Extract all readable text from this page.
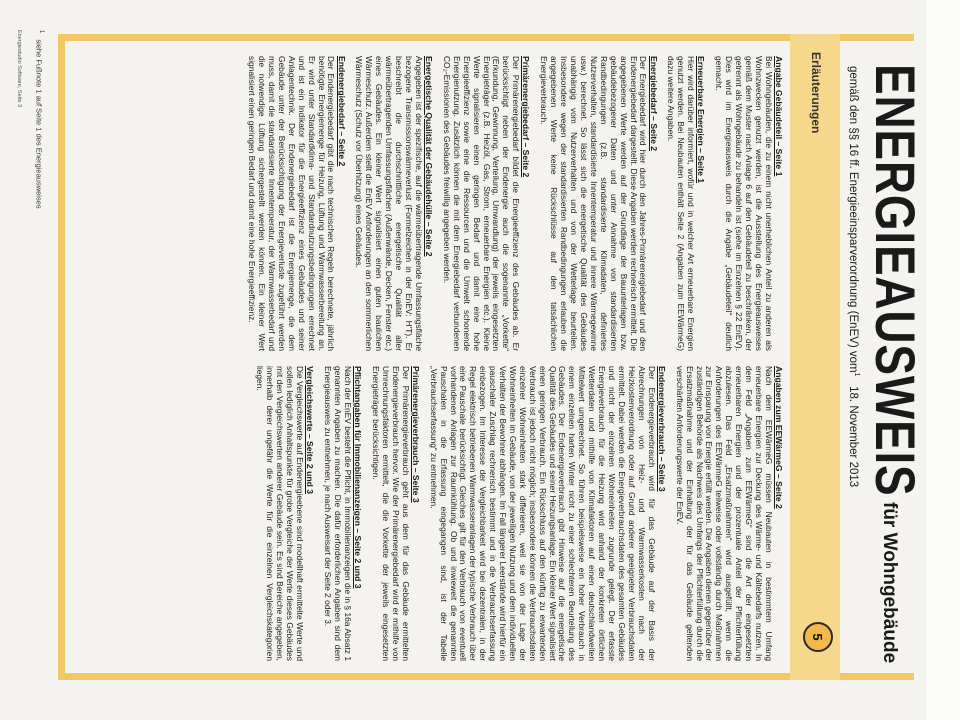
ENERGIEAUSWEIS
für Wohngebäude
gemäß den §§ 16 ff. Energieeinsparverordnung (EnEV) vom$^1$   18. November 2013
Erläuterungen
5
Angabe Gebäudeteil – Seite 1

Bei Wohngebäuden, die zu einem nicht unerheblichen Anteil zu anderen als Wohnzwecken genutzt werden, ist die Ausstellung des Energieausweises gemäß dem Muster nach Anlage 6 auf den Gebäudeteil zu beschränken, der getrennt als Wohngebäude zu behandeln ist (siehe im Einzelnen § 22 EnEV). Dies wird im Energieausweis durch die Angabe „Gebäudeteil“ deutlich gemacht.

Erneuerbare Energien – Seite 1

Hier wird darüber informiert, wofür und in welcher Art erneuerbare Energien genutzt werden. Bei Neubauten enthält Seite 2 (Angaben zum EEWärmeG) dazu weitere Angaben.

Energiebedarf – Seite 2

Der Energiebedarf wird hier durch den Jahres-Primärenergiebedarf und den Endenergiebedarf dargestellt. Diese Angaben werden rechnerisch ermittelt. Die angegebenen Werte werden auf der Grundlage der Bauunterlagen bzw. gebäudebezogener Daten und unter Annahme von standardisierten Randbedingungen (z.B. standardisierte Klimadaten, definiertes Nutzerverhalten, standardisierte Innentemperatur und innere Wärmegewinne usw.) berechnet. So lässt sich die energetische Qualität des Gebäudes unabhängig vom Nutzerverhalten und von der Wetterlage beurteilen. Insbesondere wegen der standardisierten Randbedingungen erlauben die angegebenen Werte keine Rückschlüsse auf den tatsächlichen Energieverbrauch.

Primärenergiebedarf – Seite 2

Der Primärenergiebedarf bildet die Energieeffizienz des Gebäudes ab. Er berücksichtigt neben der Endenergie auch die sogenannte „Vorkette“ (Erkundung, Gewinnung, Verteilung, Umwandlung) der jeweils eingesetzten Energieträger (z.B. Heizöl, Gas, Strom, erneuerbare Energien etc.). Kleine Werte signalisieren einen geringen Bedarf und damit eine hohe Energieeffizienz sowie eine die Ressourcen und die Umwelt schonende Energienutzung. Zusätzlich können die mit dem Energiebedarf verbundenen CO₂-Emissionen des Gebäudes freiwillig angegeben werden.

Energetische Qualität der Gebäudehülle – Seite 2

Angegeben ist der spezifische, auf die wärmeübertragende Umfassungsfläche bezogene Transmissionswärmeverlust (Formelzeichen in der EnEV: H'T). Er beschreibt die durchschnittliche energetische Qualität aller wärmeübertragenden Umfassungsflächen (Außenwände, Decken, Fenster etc.) eines Gebäudes. Ein kleiner Wert signalisiert einen guten baulichen Wärmeschutz. Außerdem stellt die EnEV Anforderungen an den sommerlichen Wärmeschutz (Schutz vor Überhitzung) eines Gebäudes.

Endenergiebedarf – Seite 2

Der Endenergiebedarf gibt die nach technischen Regeln berechnete, jährlich benötigte Energiemenge für Heizung, Lüftung und Warmwasserbereitung an. Er wird unter Standardklima- und Standardnutzungsbedingungen errechnet und ist ein Indikator für die Energieeffizienz eines Gebäudes und seiner Anlagentechnik. Der Endenergiebedarf ist die Energiemenge, die dem Gebäude unter der Berücksichtigung der Energieverluste zugeführt werden muss, damit die standardisierte Innentemperatur, der Warmwasserbedarf und die notwendige Lüftung sichergestellt werden können. Ein kleiner Wert signalisiert einen geringen Bedarf und damit eine hohe Energieeffizienz.

Angaben zum EEWärmeG – Seite 2

Nach dem EEWärmeG müssen Neubauten in bestimmtem Umfang erneuerbare Energien zur Deckung des Wärme- und Kältebedarfs nutzen. In dem Feld „Angaben zum EEWärmeG“ sind die Art der eingesetzten erneuerbaren Energien und der prozentuale Anteil der Pflichterfüllung abzulesen. Das Feld „Ersatzmaßnahmen“ wird ausgefüllt, wenn die Anforderungen des EEWärmeG teilweise oder vollständig durch Maßnahmen zur Einsparung von Energie erfüllt werden. Die Angaben dienen gegenüber der zuständigen Behörde als Nachweis des Umfangs der Pflichterfüllung durch die Ersatzmaßnahme und der Einhaltung der für das Gebäude geltenden verschärften Anforderungswerte der EnEV.

Endenergieverbrauch – Seite 3

Der Endenergieverbrauch wird für das Gebäude auf der Basis der Abrechnungen von Heiz- und Warmwasserkosten nach der Heizkostenverordnung oder auf Grund anderer geeigneter Verbrauchsdaten ermittelt. Dabei werden die Energieverbrauchsdaten des gesamten Gebäudes und nicht der einzelnen Wohneinheiten zugrunde gelegt. Der erfasste Energieverbrauch für die Heizung wird anhand der konkreten örtlichen Wetterdaten und mithilfe von Klimafaktoren auf einen deutschlandweiten Mittelwert umgerechnet. So führen beispielsweise ein hoher Verbrauch in einem einzelnen harten Winter nicht zu einer schlechteren Beurteilung des Gebäudes. Der Endenergieverbrauch gibt Hinweise auf die energetische Qualität des Gebäudes und seiner Heizungsanlage. Ein kleiner Wert signalisiert einen geringen Verbrauch. Ein Rückschluss auf den künftig zu erwartenden Verbrauch ist jedoch nicht möglich; insbesondere können die Verbrauchsdaten einzelner Wohneinheiten stark differieren, weil sie von der Lage der Wohneinheiten im Gebäude, von der jeweiligen Nutzung und dem individuellen Verhalten der Bewohner abhängen. Im Fall längerer Leerstände wird hierfür ein pauschaler Zuschlag rechnerisch bestimmt und in die Verbrauchserfassung einbezogen. Im Interesse der Vergleichbarkeit wird bei dezentralen, in der Regel elektrisch betriebenen Warmwasseranlagen der typische Verbrauch über eine Pauschale berücksichtigt. Gleiches gilt für den Verbrauch von eventuell vorhandenen Anlagen zur Raumkühlung. Ob und inwieweit die genannten Pauschalen in die Erfassung eingegangen sind, ist der Tabelle „Verbrauchserfassung“ zu entnehmen.

Primärenergieverbrauch – Seite 3

Der Primärenergieverbrauch geht aus dem für das Gebäude ermittelten Endenergieverbrauch hervor. Wie der Primärenergiebedarf wird er mithilfe von Umrechnungsfaktoren ermittelt, die die Vorkette der jeweils eingesetzten Energieträger berücksichtigen.

Pflichtangaben für Immobilienanzeigen – Seite 2 und 3

Nach der EnEV besteht die Pflicht, in Immobilienanzeigen die in § 16a Absatz 1 genannten Angaben zu machen. Die dafür erforderlichen Angaben sind dem Energieausweis zu entnehmen, je nach Ausweisart der Seite 2 oder 3.

Vergleichswerte – Seite 2 und 3

Die Vergleichswerte auf Endenergieebene sind modellhaft ermittelte Werte und sollen lediglich Anhaltspunkte für grobe Vergleiche der Werte dieses Gebäudes mit den Vergleichswerten anderer Gebäude sein. Es sind Bereiche angegeben, innerhalb derer ungefähr die Werte für die einzelnen Vergleichskategorien liegen.

$^1$siehe Fußnote 1 auf Seite 1 des Energieausweises
Energiestudio Software, Seite 3
